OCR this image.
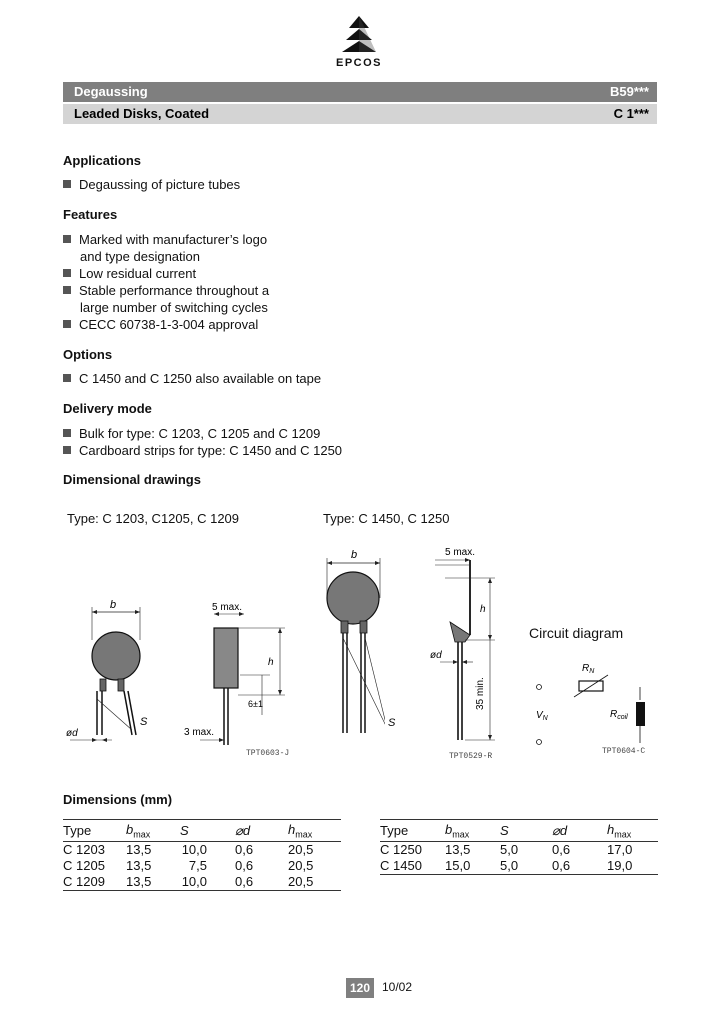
EPCOS
Degaussing	B59***
Leaded Disks, Coated	C 1***
Applications
Degaussing of picture tubes
Features
Marked with manufacturer’s logo
and type designation
Low residual current
Stable performance throughout a
large number of switching cycles
CECC 60738-1-3-004 approval
Options
C 1450 and C 1250 also available on tape
Delivery mode
Bulk for type: C 1203, C 1205 and C 1209
Cardboard strips for type: C 1450 and C 1250
Dimensional drawings
Type: C 1203, C1205, C 1209	Type: C 1450, C 1250
Circuit diagram
b
S
ød
5 max.
h
6±1
3 max.
TPT0603-J
b
S
5 max.
h
ød
35 min.
TPT0529-R
$V_N$
$R_N$
$R_{coil}$
TPT0604-C
Dimensions (mm)
Type	$b_{max}$	S	⌀d	$h_{max}$
C 1203	13,5	10,0	0,6	20,5
C 1205	13,5	7,5	0,6	20,5
C 1209	13,5	10,0	0,6	20,5
Type	$b_{max}$	S	⌀d	$h_{max}$
C 1250	13,5	5,0	0,6	17,0
C 1450	15,0	5,0	0,6	19,0
120 10/02
